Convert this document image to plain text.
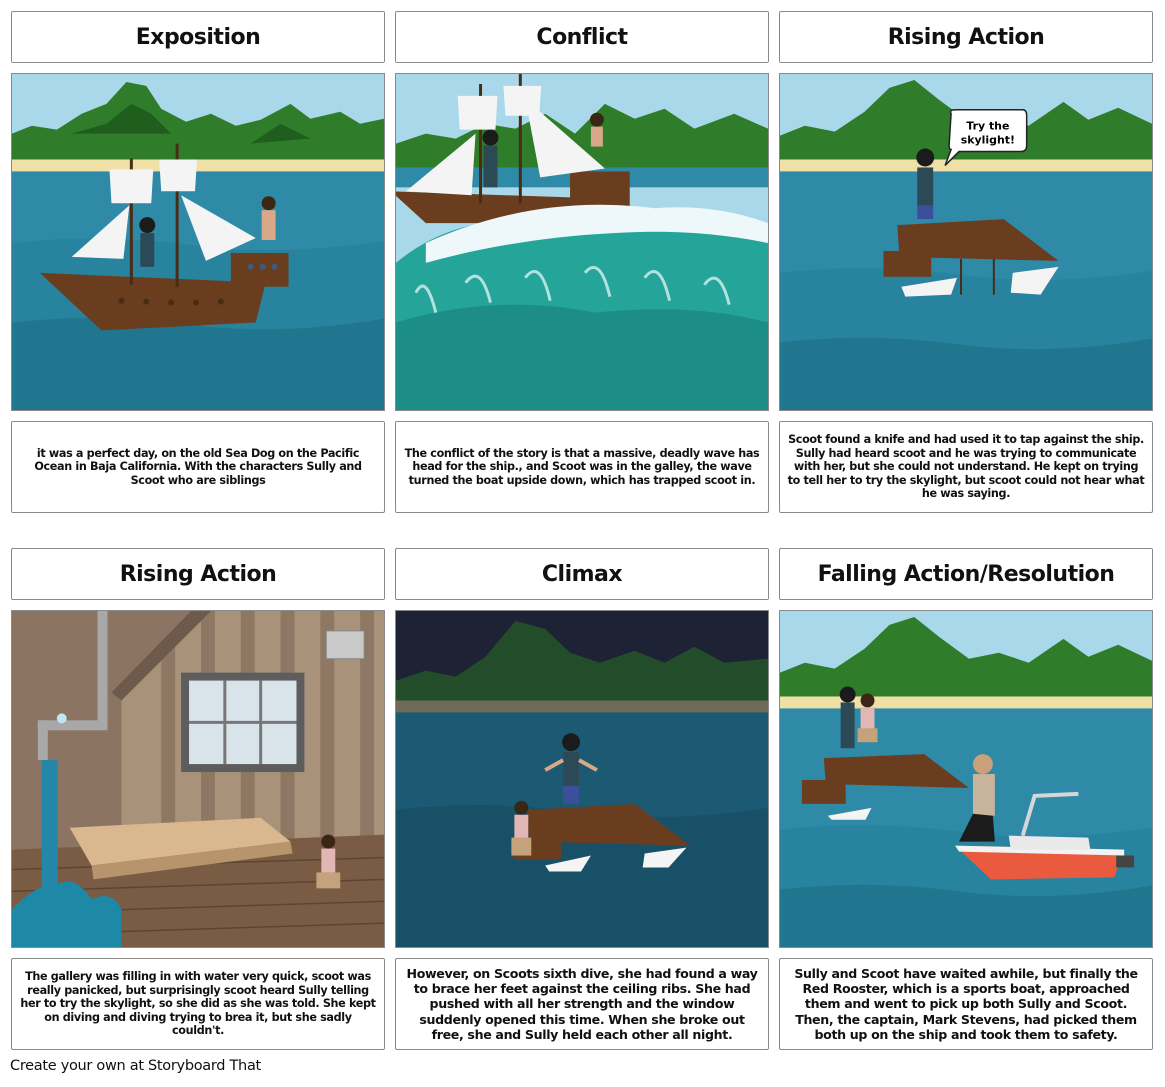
Exposition	Conflict	Rising Action
Try the
skylight!
it was a perfect day, on the old Sea Dog on the Pacific Ocean in Baja California. With the characters Sully and Scoot who are siblings
The conflict of the story is that a massive, deadly wave has head for the ship., and Scoot was in the galley, the wave turned the boat upside down, which has trapped scoot in.
Scoot found a knife and had used it to tap against the ship. Sully had heard scoot and he was trying to communicate with her, but she could not understand. He kept on trying to tell her to try the skylight, but scoot could not hear what he was saying.
Rising Action	Climax	Falling Action/Resolution
The gallery was filling in with water very quick, scoot was really panicked, but surprisingly scoot heard Sully telling her to try the skylight, so she did as she was told. She kept on diving and diving trying to brea it, but she sadly couldn't.
However, on Scoots sixth dive, she had found a way to brace her feet against the ceiling ribs. She had pushed with all her strength and the window suddenly opened this time. When she broke out free, she and Sully held each other all night.
Sully and Scoot have waited awhile, but finally the Red Rooster, which is a sports boat, approached them and went to pick up both Sully and Scoot. Then, the captain, Mark Stevens, had picked them both up on the ship and took them to safety.
Create your own at Storyboard That
